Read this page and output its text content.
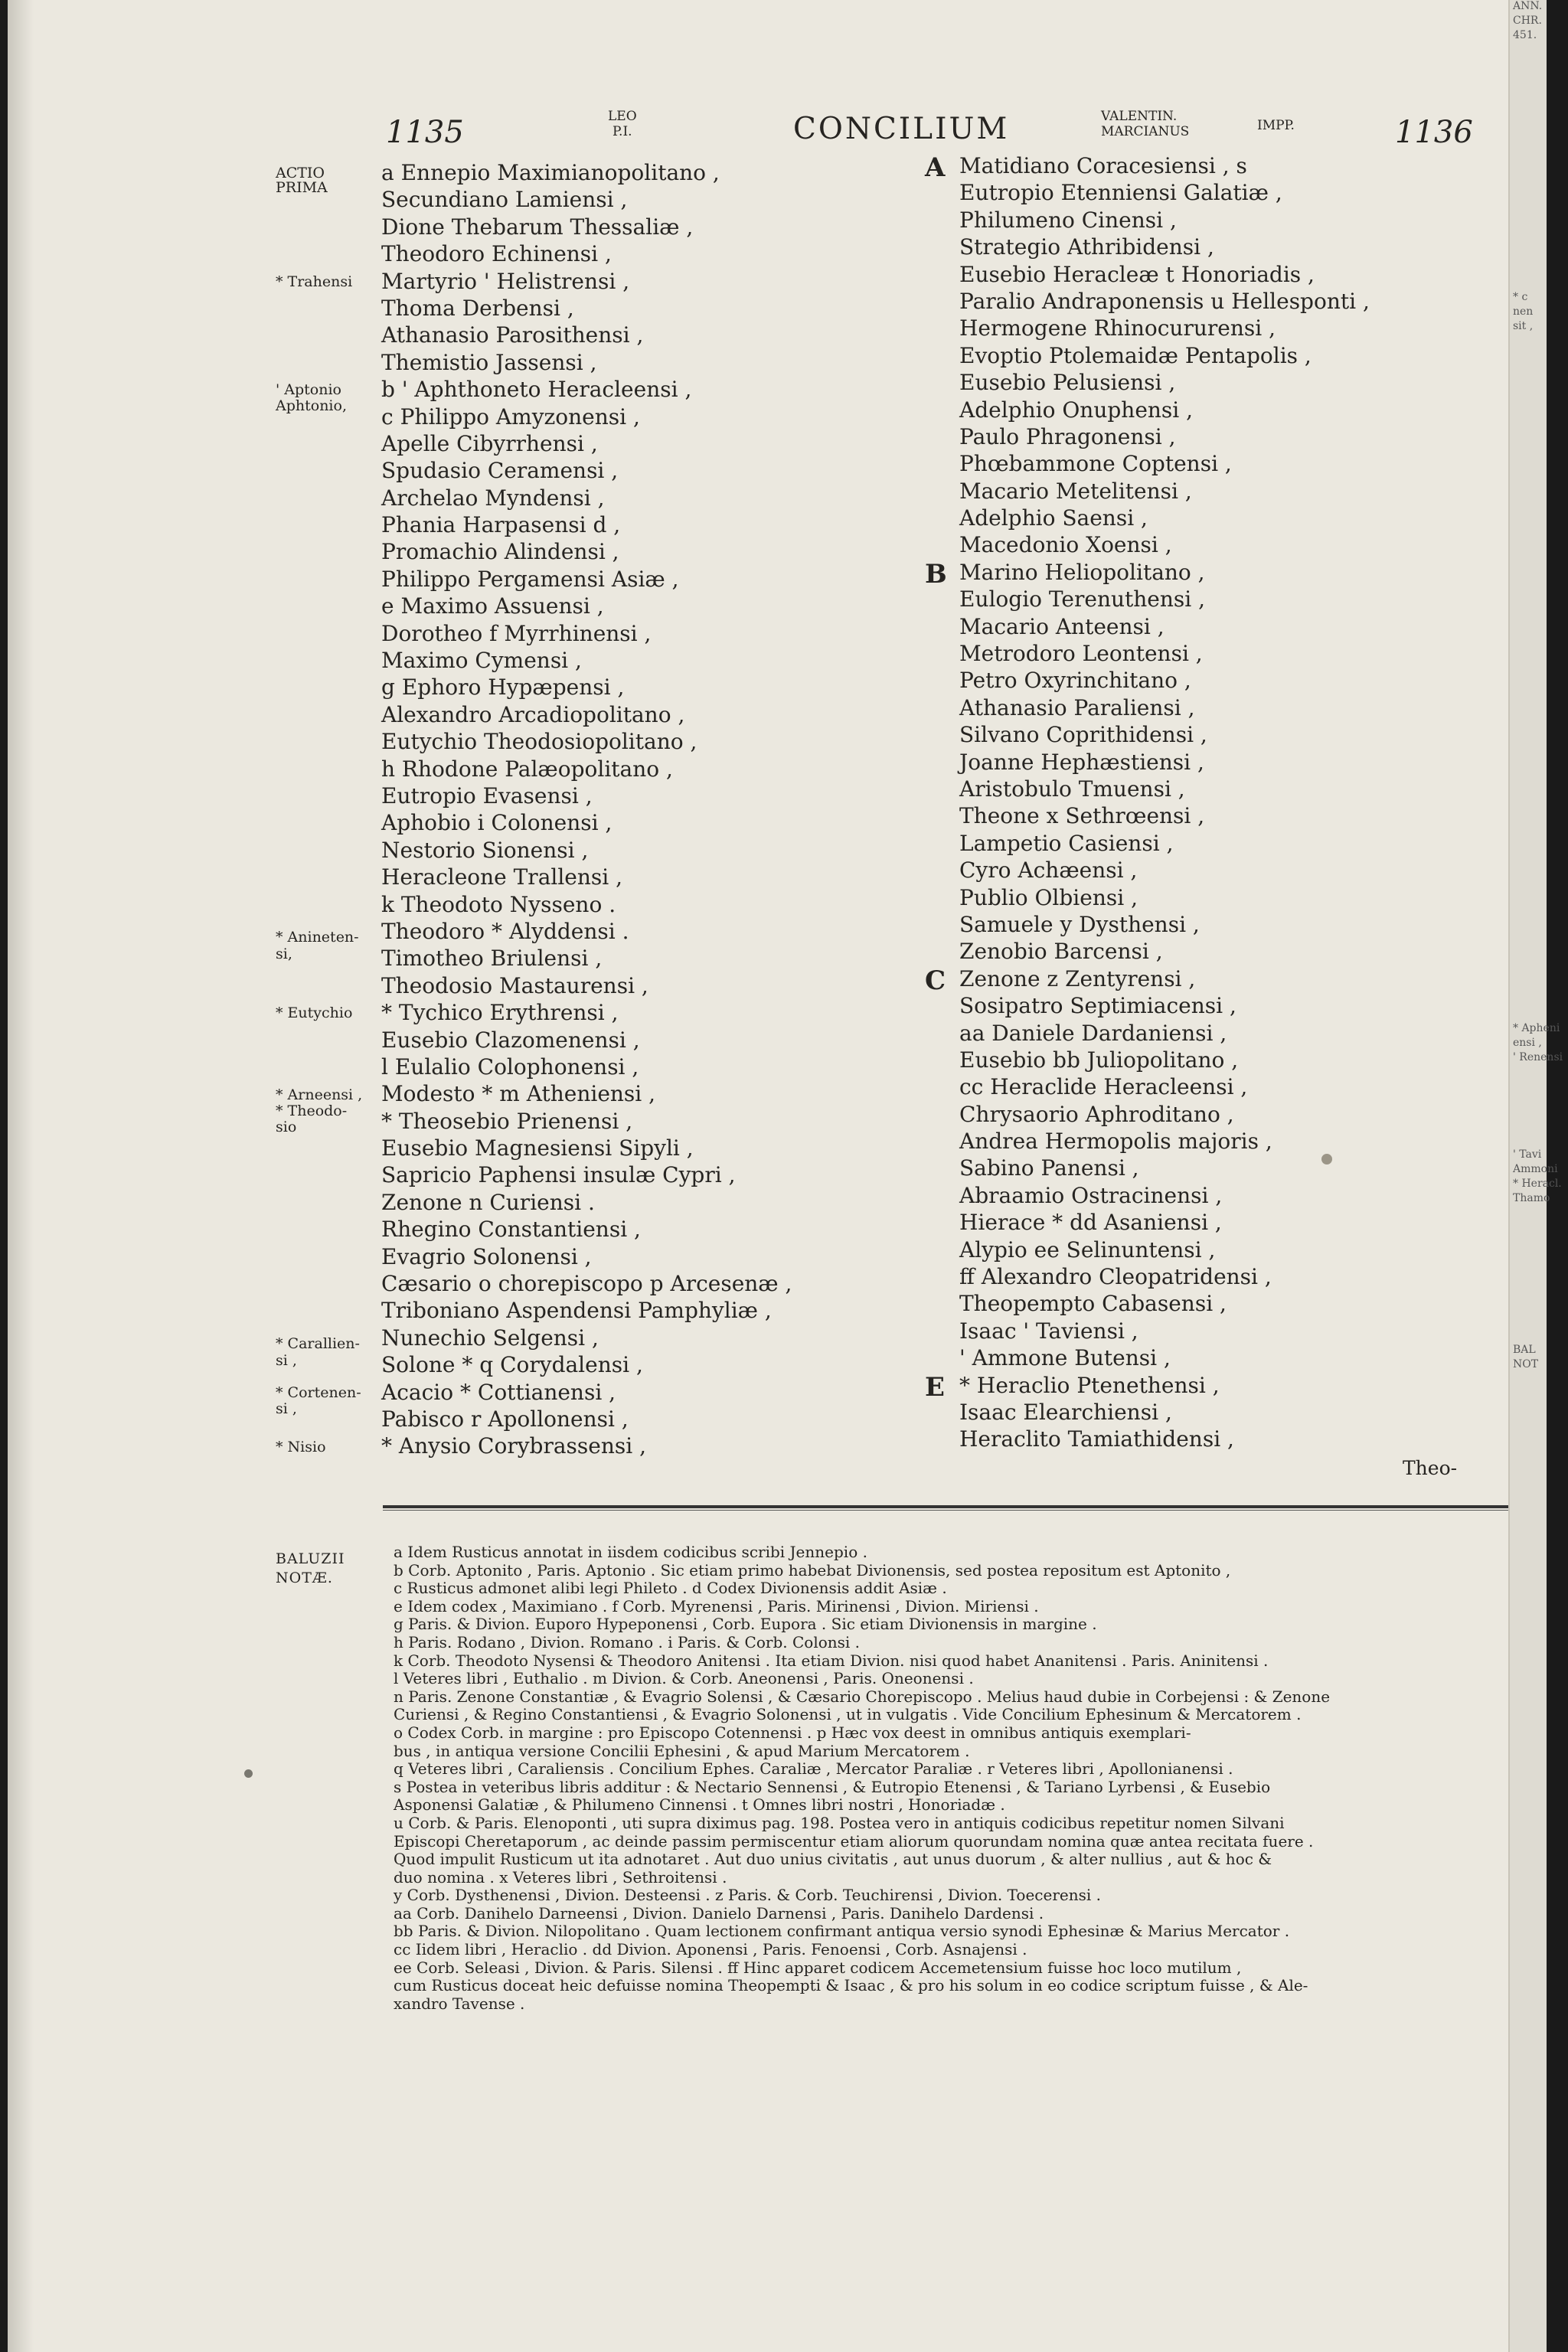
1135	LEO
P.I.	CONCILIUM	VALENTIN.
MARCIANUS	IMPP.	1136
ACTIO
PRIMA
* Trahensi
' Aptonio
Aphtonio,
* Anineten-
si,
* Eutychio
* Arneensi ,
* Theodo-
sio
* Carallien-
si ,
* Cortenen-
si ,
* Nisio
a Ennepio Maximianopolitano ,
Secundiano Lamiensi ,
Dione Thebarum Thessaliæ ,
Theodoro Echinensi ,
Martyrio ' Helistrensi ,
Thoma Derbensi ,
Athanasio Parosithensi ,
Themistio Jassensi ,
b ' Aphthoneto Heracleensi ,
c Philippo Amyzonensi ,
Apelle Cibyrrhensi ,
Spudasio Ceramensi ,
Archelao Myndensi ,
Phania Harpasensi d ,
Promachio Alindensi ,
Philippo Pergamensi Asiæ ,
e Maximo Assuensi ,
Dorotheo f Myrrhinensi ,
Maximo Cymensi ,
g Ephoro Hypæpensi ,
Alexandro Arcadiopolitano ,
Eutychio Theodosiopolitano ,
h Rhodone Palæopolitano ,
Eutropio Evasensi ,
Aphobio i Colonensi ,
Nestorio Sionensi ,
Heracleone Trallensi ,
k Theodoto Nysseno .
Theodoro * Alyddensi .
Timotheo Briulensi ,
Theodosio Mastaurensi ,
* Tychico Erythrensi ,
Eusebio Clazomenensi ,
l Eulalio Colophonensi ,
Modesto * m Atheniensi ,
* Theosebio Prienensi ,
Eusebio Magnesiensi Sipyli ,
Sapricio Paphensi insulæ Cypri ,
Zenone n Curiensi .
Rhegino Constantiensi ,
Evagrio Solonensi ,
Cæsario o chorepiscopo p Arcesenæ ,
Triboniano Aspendensi Pamphyliæ ,
Nunechio Selgensi ,
Solone * q Corydalensi ,
Acacio * Cottianensi ,
Pabisco r Apollonensi ,
* Anysio Corybrassensi ,
A
B
C
E
Matidiano Coracesiensi , s
Eutropio Etenniensi Galatiæ ,
Philumeno Cinensi ,
Strategio Athribidensi ,
Eusebio Heracleæ t Honoriadis ,
Paralio Andraponensis u Hellesponti ,
Hermogene Rhinocururensi ,
Evoptio Ptolemaidæ Pentapolis ,
Eusebio Pelusiensi ,
Adelphio Onuphensi ,
Paulo Phragonensi ,
Phœbammone Coptensi ,
Macario Metelitensi ,
Adelphio Saensi ,
Macedonio Xoensi ,
Marino Heliopolitano ,
Eulogio Terenuthensi ,
Macario Anteensi ,
Metrodoro Leontensi ,
Petro Oxyrinchitano ,
Athanasio Paraliensi ,
Silvano Coprithidensi ,
Joanne Hephæstiensi ,
Aristobulo Tmuensi ,
Theone x Sethrœensi ,
Lampetio Casiensi ,
Cyro Achæensi ,
Publio Olbiensi ,
Samuele y Dysthensi ,
Zenobio Barcensi ,
Zenone z Zentyrensi ,
Sosipatro Septimiacensi ,
aa Daniele Dardaniensi ,
Eusebio bb Juliopolitano ,
cc Heraclide Heracleensi ,
Chrysaorio Aphroditano ,
Andrea Hermopolis majoris ,
Sabino Panensi ,
Abraamio Ostracinensi ,
Hierace * dd Asaniensi ,
Alypio ee Selinuntensi ,
ff Alexandro Cleopatridensi ,
Theopempto Cabasensi ,
Isaac ' Taviensi ,
' Ammone Butensi ,
* Heraclio Ptenethensi ,
Isaac Elearchiensi ,
Heraclito Tamiathidensi ,
Theo-
BALUZII
NOTÆ.
a Idem Rusticus annotat in iisdem codicibus scribi Jennepio .
b Corb. Aptonito , Paris. Aptonio . Sic etiam primo habebat Divionensis, sed postea repositum est Aptonito ,
c Rusticus admonet alibi legi Phileto . d Codex Divionensis addit Asiæ .
e Idem codex , Maximiano . f Corb. Myrenensi , Paris. Mirinensi , Divion. Miriensi .
g Paris. & Divion. Euporo Hypeponensi , Corb. Eupora . Sic etiam Divionensis in margine .
h Paris. Rodano , Divion. Romano . i Paris. & Corb. Colonsi .
k Corb. Theodoto Nysensi & Theodoro Anitensi . Ita etiam Divion. nisi quod habet Ananitensi . Paris. Aninitensi .
l Veteres libri , Euthalio . m Divion. & Corb. Aneonensi , Paris. Oneonensi .
n Paris. Zenone Constantiæ , & Evagrio Solensi , & Cæsario Chorepiscopo . Melius haud dubie in Corbejensi : & Zenone
Curiensi , & Regino Constantiensi , & Evagrio Solonensi , ut in vulgatis . Vide Concilium Ephesinum & Mercatorem .
o Codex Corb. in margine : pro Episcopo Cotennensi . p Hæc vox deest in omnibus antiquis exemplari-
bus , in antiqua versione Concilii Ephesini , & apud Marium Mercatorem .
q Veteres libri , Caraliensis . Concilium Ephes. Caraliæ , Mercator Paraliæ . r Veteres libri , Apollonianensi .
s Postea in veteribus libris additur : & Nectario Sennensi , & Eutropio Etenensi , & Tariano Lyrbensi , & Eusebio
Asponensi Galatiæ , & Philumeno Cinnensi . t Omnes libri nostri , Honoriadæ .
u Corb. & Paris. Elenoponti , uti supra diximus pag. 198. Postea vero in antiquis codicibus repetitur nomen Silvani
Episcopi Cheretaporum , ac deinde passim permiscentur etiam aliorum quorundam nomina quæ antea recitata fuere .
Quod impulit Rusticum ut ita adnotaret . Aut duo unius civitatis , aut unus duorum , & alter nullius , aut & hoc &
duo nomina . x Veteres libri , Sethroitensi .
y Corb. Dysthenensi , Divion. Desteensi . z Paris. & Corb. Teuchirensi , Divion. Toecerensi .
aa Corb. Danihelo Darneensi , Divion. Danielo Darnensi , Paris. Danihelo Dardensi .
bb Paris. & Divion. Nilopolitano . Quam lectionem confirmant antiqua versio synodi Ephesinæ & Marius Mercator .
cc Iidem libri , Heraclio . dd Divion. Aponensi , Paris. Fenoensi , Corb. Asnajensi .
ee Corb. Seleasi , Divion. & Paris. Silensi . ff Hinc apparet codicem Accemetensium fuisse hoc loco mutilum ,
cum Rusticus doceat heic defuisse nomina Theopempti & Isaac , & pro his solum in eo codice scriptum fuisse , & Ale-
xandro Tavense .
ANN.
CHR.
451.
* c
nen
sit ,
* Apheni
ensi ,
' Renensi
' Tavi
Ammoni
* Heracl.
Thamo
BAL
NOT
